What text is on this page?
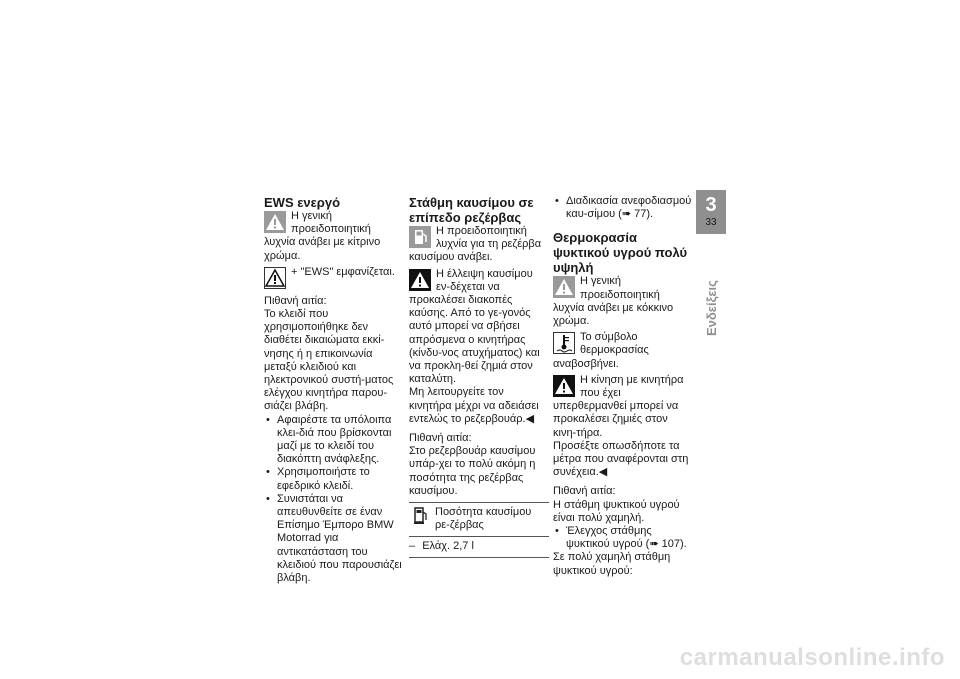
EWS ενεργό

Η γενική προειδοποιητική λυχνία ανάβει με κίτρινο χρώμα.

+ "EWS" εμφανίζεται.

Πιθανή αιτία:

Το κλειδί που χρησιμοποιήθηκε δεν διαθέτει δικαιώματα εκκί-νησης ή η επικοινωνία μεταξύ κλειδιού και ηλεκτρονικού συστή-ματος ελέγχου κινητήρα παρου-σιάζει βλάβη.

• Αφαιρέστε τα υπόλοιπα κλει-διά που βρίσκονται μαζί με το κλειδί του διακόπτη ανάφλεξης.
• Χρησιμοποιήστε το εφεδρικό κλειδί.
• Συνιστάται να απευθυνθείτε σε έναν Επίσημο Έμπορο BMW Motorrad για αντικατάσταση του κλειδιού που παρουσιάζει βλάβη.

Στάθμη καυσίμου σε επίπεδο ρεζέρβας

Η προειδοποιητική λυχνία για τη ρεζέρβα καυσίμου ανάβει.

Η έλλειψη καυσίμου εν-δέχεται να προκαλέσει διακοπές καύσης. Από το γε-γονός αυτό μπορεί να σβήσει απρόσμενα ο κινητήρας (κίνδυ-νος ατυχήματος) και να προκλη-θεί ζημιά στον καταλύτη.

Μη λειτουργείτε τον κινητήρα μέχρι να αδειάσει εντελώς το ρεζερβουάρ.◀

Πιθανή αιτία:

Στο ρεζερβουάρ καυσίμου υπάρ-χει το πολύ ακόμη η ποσότητα της ρεζέρβας καυσίμου.

Ποσότητα καυσίμου ρε-ζέρβας

– Ελάχ. 2,7 l
• Διαδικασία ανεφοδιασμού καυ-σίμου (➠ 77).

Θερμοκρασία ψυκτικού υγρού πολύ υψηλή

Η γενική προειδοποιητική λυχνία ανάβει με κόκκινο χρώμα.

Το σύμβολο θερμοκρασίας αναβοσβήνει.

Η κίνηση με κινητήρα που έχει υπερθερμανθεί μπορεί να προκαλέσει ζημιές στον κινη-τήρα.

Προσέξτε οπωσδήποτε τα μέτρα που αναφέρονται στη συνέχεια.◀

Πιθανή αιτία:

Η στάθμη ψυκτικού υγρού είναι πολύ χαμηλή.

• Έλεγχος στάθμης ψυκτικού υγρού (➠ 107).

Σε πολύ χαμηλή στάθμη ψυκτικού υγρού:

3
33
Ενδείξεις
carmanualsonline.info
